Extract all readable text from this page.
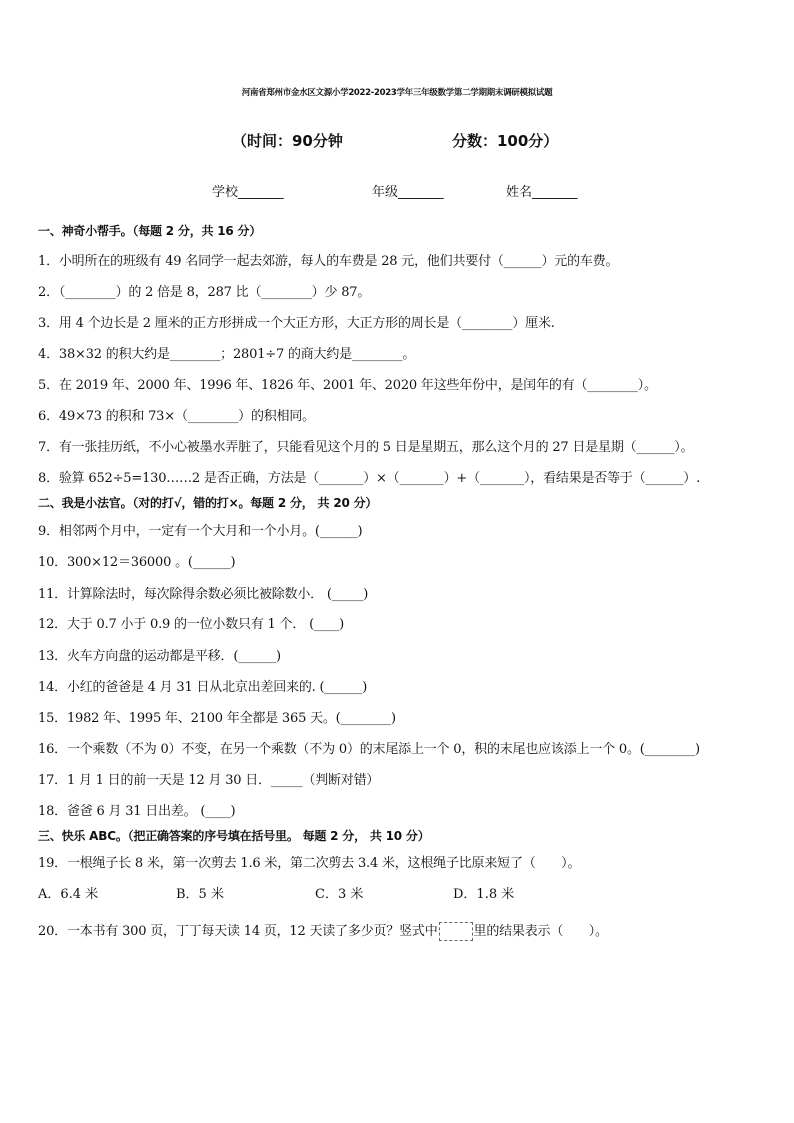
河南省郑州市金水区文源小学2022-2023学年三年级数学第二学期期末调研模拟试题
（时间：90分钟	分数：100分）
学校_______	年级_______	姓名_______
一、神奇小帮手。（每题 2 分，共 16 分）
1．小明所在的班级有 49 名同学一起去郊游，每人的车费是 28 元，他们共要付（______）元的车费。
2．（________）的 2 倍是 8，287 比（________）少 87。
3．用 4 个边长是 2 厘米的正方形拼成一个大正方形，大正方形的周长是（________）厘米.
4．38×32 的积大约是________；2801÷7 的商大约是________。
5．在 2019 年、2000 年、1996 年、1826 年、2001 年、2020 年这些年份中，是闰年的有（________）。
6．49×73 的积和 73×（________）的积相同。
7．有一张挂历纸，不小心被墨水弄脏了，只能看见这个月的 5 日是星期五，那么这个月的 27 日是星期（______）。
8．验算 652÷5=130……2 是否正确，方法是（_______）×（_______）+（_______），看结果是否等于（______）.
二、我是小法官。（对的打√，错的打×。每题 2 分， 共 20 分）
9．相邻两个月中，一定有一个大月和一个小月。(______)
10．300×12＝36000 。(______)
11．计算除法时，每次除得余数必须比被除数小． (_____)
12．大于 0.7 小于 0.9 的一位小数只有 1 个． (____)
13．火车方向盘的运动都是平移．(______)
14．小红的爸爸是 4 月 31 日从北京出差回来的. (______)
15．1982 年、1995 年、2100 年全都是 365 天。(________)
16．一个乘数（不为 0）不变，在另一个乘数（不为 0）的末尾添上一个 0，积的末尾也应该添上一个 0。(________)
17．1 月 1 日的前一天是 12 月 30 日．_____（判断对错）
18．爸爸 6 月 31 日出差。 (____)
三、快乐 ABC。（把正确答案的序号填在括号里。 每题 2 分， 共 10 分）
19．一根绳子长 8 米，第一次剪去 1.6 米，第二次剪去 3.4 米，这根绳子比原来短了（　　）。
A．6.4 米	B．5 米	C．3 米	D．1.8 米
20．一本书有 300 页，丁丁每天读 14 页，12 天读了多少页？竖式中	里的结果表示（　　）。
